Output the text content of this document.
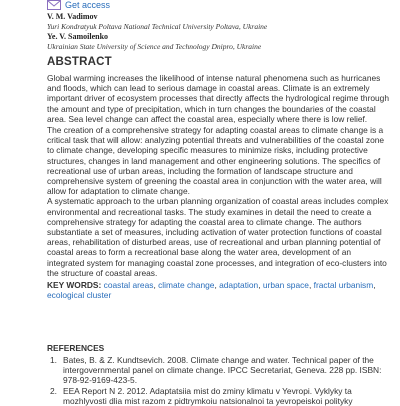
Get access
V. M. Vadimov
Yuri Kondratyuk Poltava National Technical University Poltava, Ukraine
Ye. V. Samoilenko
Ukrainian State University of Science and Technology Dnipro, Ukraine
ABSTRACT

Global warming increases the likelihood of intense natural phenomena such as hurricanes and floods, which can lead to serious damage in coastal areas. Climate is an extremely important driver of ecosystem processes that directly affects the hydrological regime through the amount and type of precipitation, which in turn changes the boundaries of the coastal area. Sea level change can affect the coastal area, especially where there is low relief.

The creation of a comprehensive strategy for adapting coastal areas to climate change is a critical task that will allow: analyzing potential threats and vulnerabilities of the coastal zone to climate change, developing specific measures to minimize risks, including protective structures, changes in land management and other engineering solutions. The specifics of recreational use of urban areas, including the formation of landscape structure and comprehensive system of greening the coastal area in conjunction with the water area, will allow for adaptation to climate change.

A systematic approach to the urban planning organization of coastal areas includes complex environmental and recreational tasks. The study examines in detail the need to create a comprehensive strategy for adapting the coastal area to climate change. The authors substantiate a set of measures, including activation of water protection functions of coastal areas, rehabilitation of disturbed areas, use of recreational and urban planning potential of coastal areas to form a recreational base along the water area, development of an integrated system for managing coastal zone processes, and integration of eco-clusters into the structure of coastal areas.

KEY WORDS: coastal areas, climate change, adaptation, urban space, fractal urbanism, ecological cluster
REFERENCES
1. Bates, B. & Z. Kundtsevich. 2008. Climate change and water. Technical paper of the intergovernmental panel on climate change. IPCC Secretariat, Geneva. 228 pp. ISBN: 978-92-9169-423-5.
2. EEA Report N 2. 2012. Adaptatsiia mist do zminy klimatu v Yevropi. Vyklyky ta mozhlyvosti dlia mist razom z pidtrymkoiu natsionalnoi ta yevropeiskoi polityky
